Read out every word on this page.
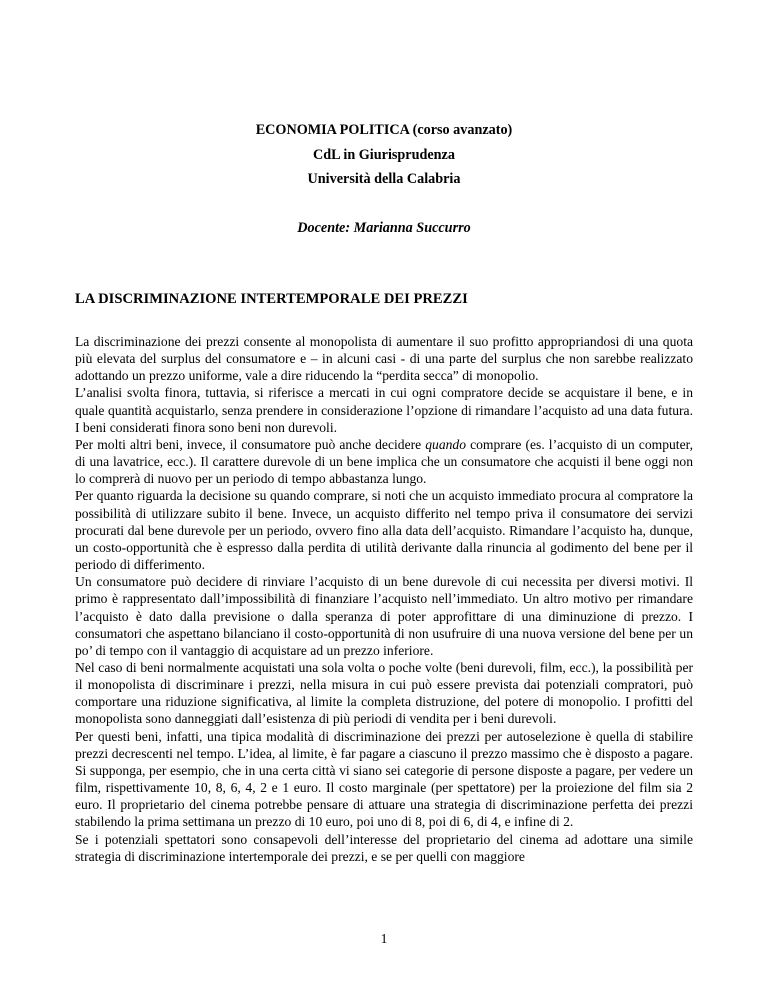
ECONOMIA POLITICA (corso avanzato)
CdL in Giurisprudenza
Università della Calabria
Docente: Marianna Succurro
LA DISCRIMINAZIONE INTERTEMPORALE DEI PREZZI

La discriminazione dei prezzi consente al monopolista di aumentare il suo profitto appropriandosi di una quota più elevata del surplus del consumatore e – in alcuni casi - di una parte del surplus che non sarebbe realizzato adottando un prezzo uniforme, vale a dire riducendo la “perdita secca” di monopolio.

L’analisi svolta finora, tuttavia, si riferisce a mercati in cui ogni compratore decide se acquistare il bene, e in quale quantità acquistarlo, senza prendere in considerazione l’opzione di rimandare l’acquisto ad una data futura. I beni considerati finora sono beni non durevoli.

Per molti altri beni, invece, il consumatore può anche decidere quando comprare (es. l’acquisto di un computer, di una lavatrice, ecc.). Il carattere durevole di un bene implica che un consumatore che acquisti il bene oggi non lo comprerà di nuovo per un periodo di tempo abbastanza lungo.

Per quanto riguarda la decisione su quando comprare, si noti che un acquisto immediato procura al compratore la possibilità di utilizzare subito il bene. Invece, un acquisto differito nel tempo priva il consumatore dei servizi procurati dal bene durevole per un periodo, ovvero fino alla data dell’acquisto. Rimandare l’acquisto ha, dunque, un costo-opportunità che è espresso dalla perdita di utilità derivante dalla rinuncia al godimento del bene per il periodo di differimento.

Un consumatore può decidere di rinviare l’acquisto di un bene durevole di cui necessita per diversi motivi. Il primo è rappresentato dall’impossibilità di finanziare l’acquisto nell’immediato. Un altro motivo per rimandare l’acquisto è dato dalla previsione o dalla speranza di poter approfittare di una diminuzione di prezzo. I consumatori che aspettano bilanciano il costo-opportunità di non usufruire di una nuova versione del bene per un po’ di tempo con il vantaggio di acquistare ad un prezzo inferiore.

Nel caso di beni normalmente acquistati una sola volta o poche volte (beni durevoli, film, ecc.), la possibilità per il monopolista di discriminare i prezzi, nella misura in cui può essere prevista dai potenziali compratori, può comportare una riduzione significativa, al limite la completa distruzione, del potere di monopolio. I profitti del monopolista sono danneggiati dall’esistenza di più periodi di vendita per i beni durevoli.

Per questi beni, infatti, una tipica modalità di discriminazione dei prezzi per autoselezione è quella di stabilire prezzi decrescenti nel tempo. L’idea, al limite, è far pagare a ciascuno il prezzo massimo che è disposto a pagare. Si supponga, per esempio, che in una certa città vi siano sei categorie di persone disposte a pagare, per vedere un film, rispettivamente 10, 8, 6, 4, 2 e 1 euro. Il costo marginale (per spettatore) per la proiezione del film sia 2 euro. Il proprietario del cinema potrebbe pensare di attuare una strategia di discriminazione perfetta dei prezzi stabilendo la prima settimana un prezzo di 10 euro, poi uno di 8, poi di 6, di 4, e infine di 2.

Se i potenziali spettatori sono consapevoli dell’interesse del proprietario del cinema ad adottare una simile strategia di discriminazione intertemporale dei prezzi, e se per quelli con maggiore

1
